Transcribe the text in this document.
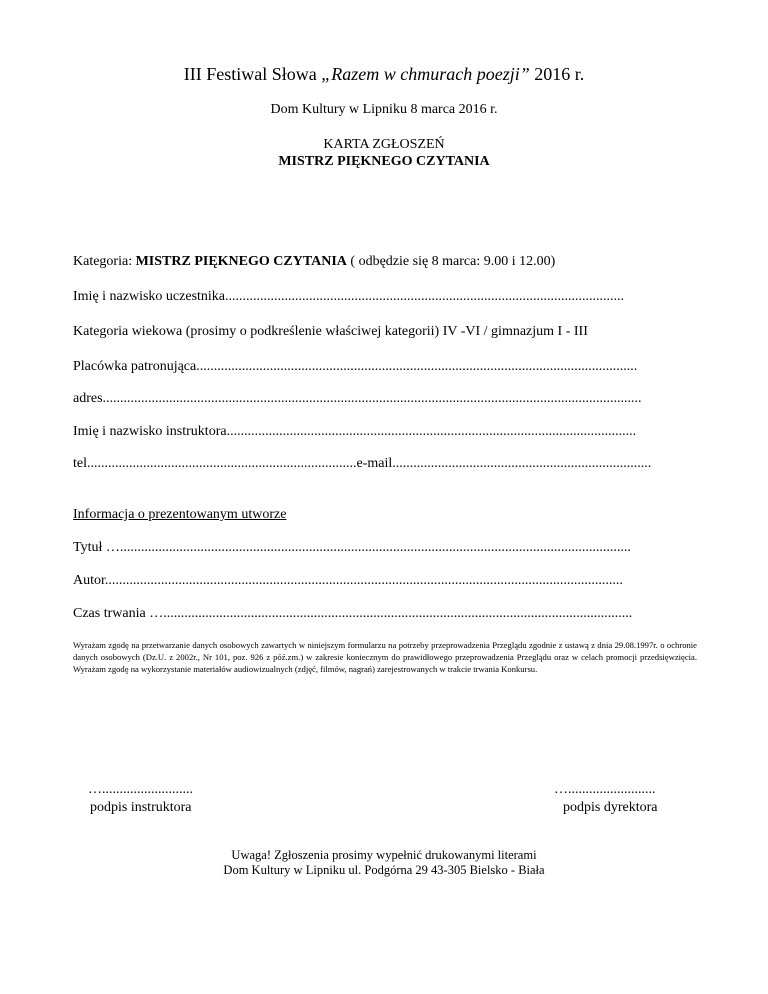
III Festiwal Słowa „Razem w chmurach poezji” 2016 r.
Dom Kultury w Lipniku 8 marca 2016 r.
KARTA ZGŁOSZEŃ
MISTRZ PIĘKNEGO CZYTANIA
Kategoria: MISTRZ PIĘKNEGO CZYTANIA ( odbędzie się 8 marca: 9.00 i 12.00)
Imię i nazwisko uczestnika..................................................................................................................
Kategoria wiekowa (prosimy o podkreślenie właściwej kategorii) IV -VI / gimnazjum I - III
Placówka patronująca..............................................................................................................................
adres..........................................................................................................................................................
Imię i nazwisko instruktora.....................................................................................................................
tel.............................................................................e-mail..........................................................................
Informacja o prezentowanym utworze
Tytuł …..................................................................................................................................................
Autor....................................................................................................................................................
Czas trwania …......................................................................................................................................
Wyrażam zgodę na przetwarzanie danych osobowych zawartych w niniejszym formularzu na potrzeby przeprowadzenia Przeglądu zgodnie z ustawą z dnia 29.08.1997r. o ochronie danych osobowych (Dz.U. z 2002r., Nr 101, poz. 926 z póź.zm.) w zakresie koniecznym do prawidłowego przeprowadzenia Przeglądu oraz w celach promocji przedsięwzięcia. Wyrażam zgodę na wykorzystanie materiałów audiowizualnych (zdjęć, filmów, nagrań) zarejestrowanych w trakcie trwania Konkursu.
…..........................
podpis instruktora
….........................
podpis dyrektora
Uwaga! Zgłoszenia prosimy wypełnić drukowanymi literami
Dom Kultury w Lipniku ul. Podgórna 29 43-305 Bielsko - Biała
